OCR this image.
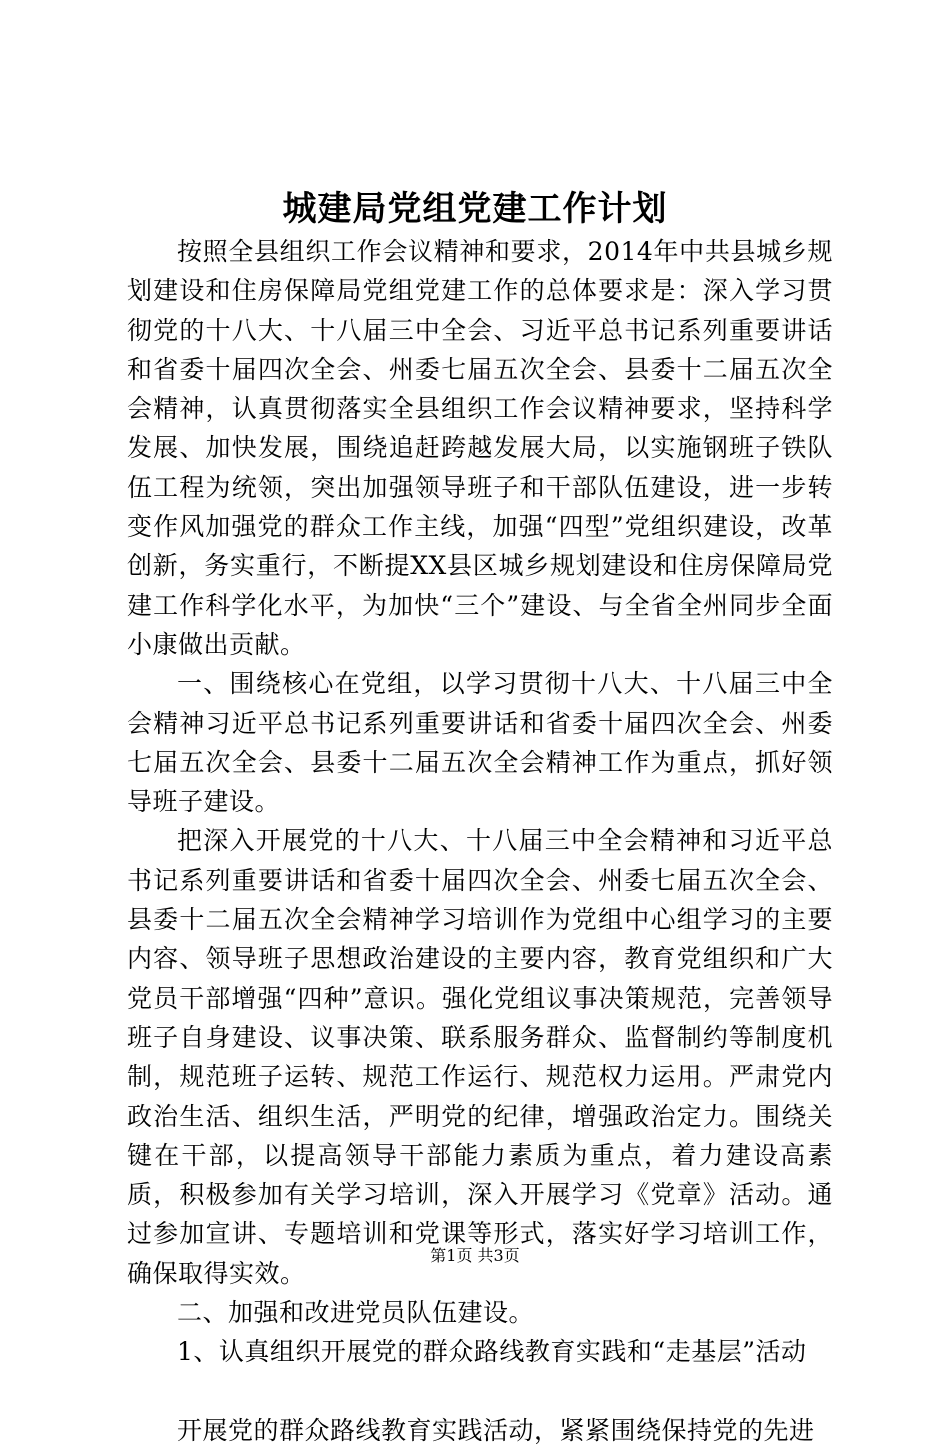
城建局党组党建工作计划

按照全县组织工作会议精神和要求，2014年中共县城乡规划建设和住房保障局党组党建工作的总体要求是：深入学习贯彻党的十八大、十八届三中全会、习近平总书记系列重要讲话和省委十届四次全会、州委七届五次全会、县委十二届五次全会精神，认真贯彻落实全县组织工作会议精神要求，坚持科学发展、加快发展，围绕追赶跨越发展大局，以实施钢班子铁队伍工程为统领，突出加强领导班子和干部队伍建设，进一步转变作风加强党的群众工作主线，加强“四型”党组织建设，改革创新，务实重行，不断提XX县区城乡规划建设和住房保障局党建工作科学化水平，为加快“三个”建设、与全省全州同步全面小康做出贡献。

一、围绕核心在党组，以学习贯彻十八大、十八届三中全会精神习近平总书记系列重要讲话和省委十届四次全会、州委七届五次全会、县委十二届五次全会精神工作为重点，抓好领导班子建设。

把深入开展党的十八大、十八届三中全会精神和习近平总书记系列重要讲话和省委十届四次全会、州委七届五次全会、县委十二届五次全会精神学习培训作为党组中心组学习的主要内容、领导班子思想政治建设的主要内容，教育党组织和广大党员干部增强“四种”意识。强化党组议事决策规范，完善领导班子自身建设、议事决策、联系服务群众、监督制约等制度机制，规范班子运转、规范工作运行、规范权力运用。严肃党内政治生活、组织生活，严明党的纪律，增强政治定力。围绕关键在干部，以提高领导干部能力素质为重点，着力建设高素质，积极参加有关学习培训，深入开展学习《党章》活动。通过参加宣讲、专题培训和党课等形式，落实好学习培训工作，确保取得实效。

二、加强和改进党员队伍建设。

1、认真组织开展党的群众路线教育实践和“走基层”活动

开展党的群众路线教育实践活动，紧紧围绕保持党的先进

第1页 共3页
